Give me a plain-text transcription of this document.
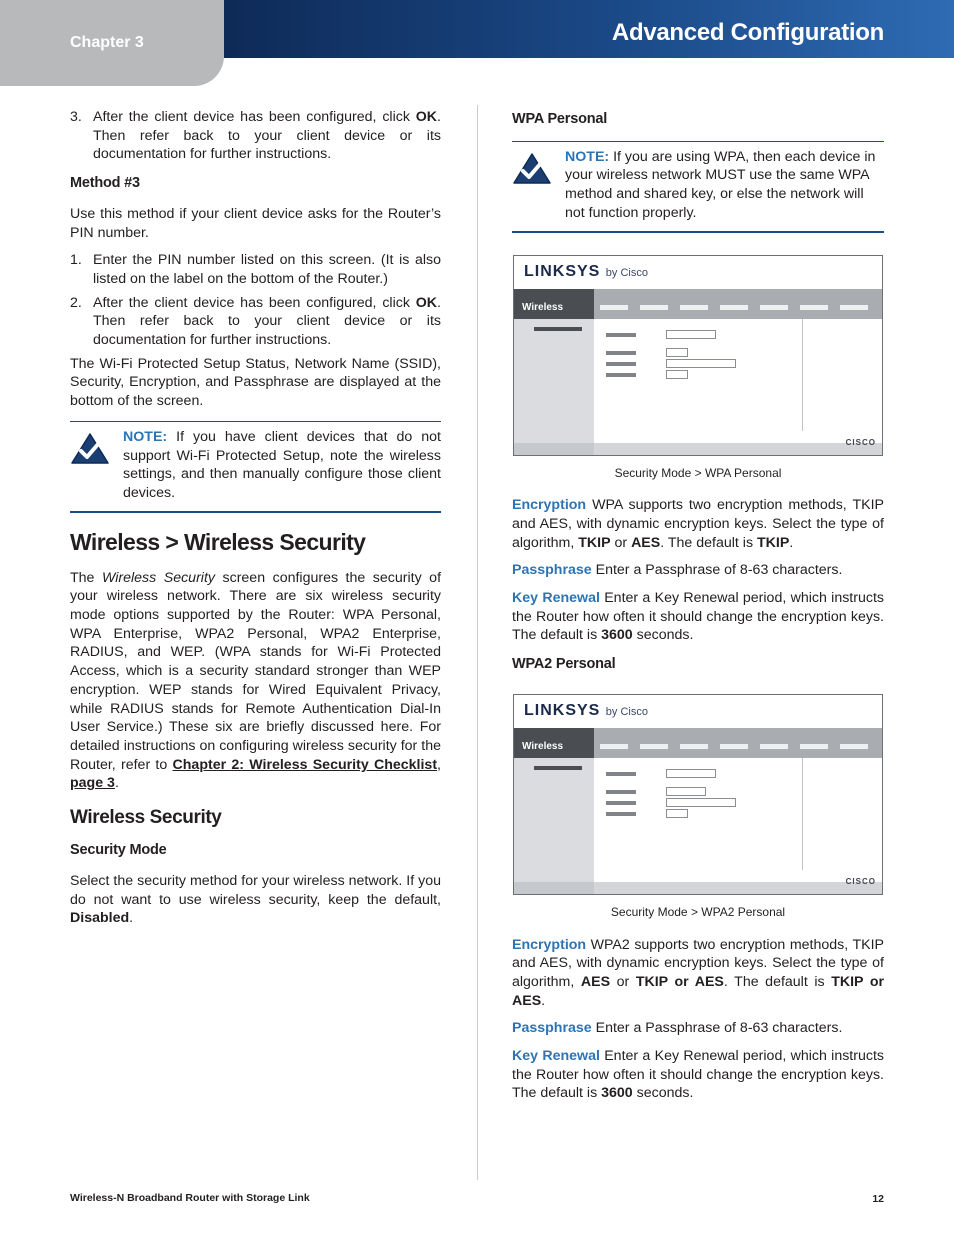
Chapter 3	Advanced Configuration
3. After the client device has been configured, click OK. Then refer back to your client device or its documentation for further instructions.
Method #3

Use this method if your client device asks for the Router’s PIN number.

1. Enter the PIN number listed on this screen. (It is also listed on the label on the bottom of the Router.)
2. After the client device has been configured, click OK. Then refer back to your client device or its documentation for further instructions.

The Wi-Fi Protected Setup Status, Network Name (SSID), Security, Encryption, and Passphrase are displayed at the bottom of the screen.

NOTE: If you have client devices that do not support Wi-Fi Protected Setup, note the wireless settings, and then manually configure those client devices.

Wireless > Wireless Security

The Wireless Security screen configures the security of your wireless network. There are six wireless security mode options supported by the Router: WPA Personal, WPA Enterprise, WPA2 Personal, WPA2 Enterprise, RADIUS, and WEP. (WPA stands for Wi-Fi Protected Access, which is a security standard stronger than WEP encryption. WEP stands for Wired Equivalent Privacy, while RADIUS stands for Remote Authentication Dial-In User Service.) These six are briefly discussed here. For detailed instructions on configuring wireless security for the Router, refer to Chapter 2: Wireless Security Checklist, page 3.

Wireless Security
Security Mode

Select the security method for your wireless network. If you do not want to use wireless security, keep the default, Disabled.

WPA Personal

NOTE: If you are using WPA, then each device in your wireless network MUST use the same WPA method and shared key, or else the network will not function properly.

LINKSYS by Cisco
Wireless
CISCO
Security Mode > WPA Personal

Encryption WPA supports two encryption methods, TKIP and AES, with dynamic encryption keys. Select the type of algorithm, TKIP or AES. The default is TKIP.

Passphrase Enter a Passphrase of 8-63 characters.

Key Renewal Enter a Key Renewal period, which instructs the Router how often it should change the encryption keys. The default is 3600 seconds.

WPA2 Personal
LINKSYS by Cisco
Wireless
CISCO
Security Mode > WPA2 Personal

Encryption WPA2 supports two encryption methods, TKIP and AES, with dynamic encryption keys. Select the type of algorithm, AES or TKIP or AES. The default is TKIP or AES.

Passphrase Enter a Passphrase of 8-63 characters.

Key Renewal Enter a Key Renewal period, which instructs the Router how often it should change the encryption keys. The default is 3600 seconds.

Wireless-N Broadband Router with Storage Link	12
